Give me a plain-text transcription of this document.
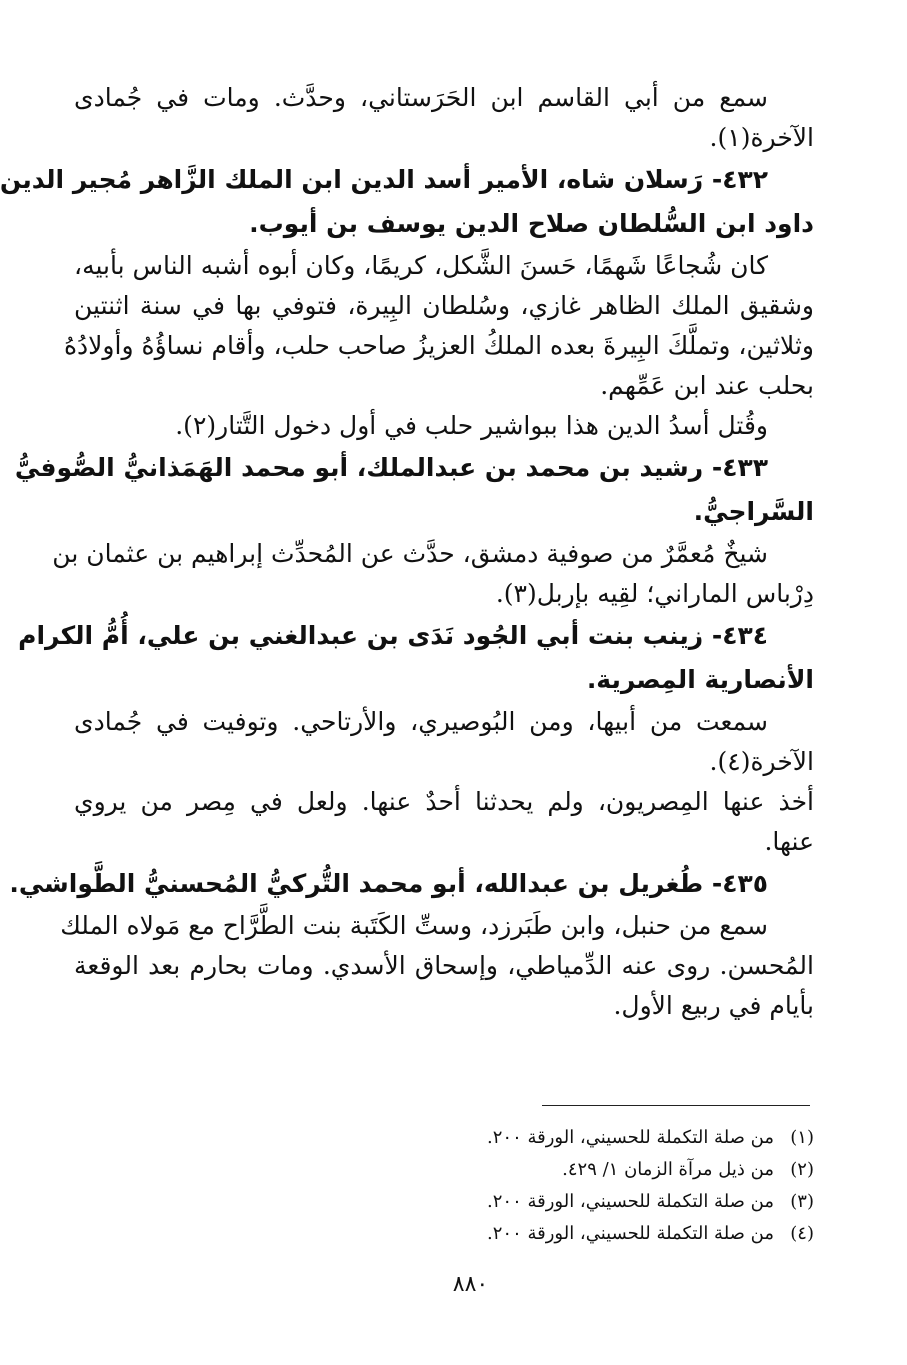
سمع من أبي القاسم ابن الحَرَستاني، وحدَّث. ومات في جُمادى
الآخرة(١).
٤٣٢- رَسلان شاه، الأمير أسد الدين ابن الملك الزَّاهر مُجير الدين
داود ابن السُّلطان صلاح الدين يوسف بن أيوب.
كان شُجاعًا شَهمًا، حَسنَ الشَّكل، كريمًا، وكان أبوه أشبه الناس بأبيه،
وشقيق الملك الظاهر غازي، وسُلطان البِيرة، فتوفي بها في سنة اثنتين
وثلاثين، وتملَّكَ البِيرةَ بعده الملكُ العزيزُ صاحب حلب، وأقام نساؤُهُ وأولادُهُ
بحلب عند ابن عَمِّهم.
وقُتل أسدُ الدين هذا ببواشير حلب في أول دخول التَّتار(٢).
٤٣٣- رشيد بن محمد بن عبدالملك، أبو محمد الهَمَذانيُّ الصُّوفيُّ
السَّراجيُّ.
شيخٌ مُعمَّرٌ من صوفية دمشق، حدَّث عن المُحدِّث إبراهيم بن عثمان بن
دِرْباس الماراني؛ لقِيه بإربل(٣).
٤٣٤- زينب بنت أبي الجُود نَدَى بن عبدالغني بن علي، أُمُّ الكرام
الأنصارية المِصرية.
سمعت من أبيها، ومن البُوصيري، والأرتاحي. وتوفيت في جُمادى
الآخرة(٤).
أخذ عنها المِصريون، ولم يحدثنا أحدٌ عنها. ولعل في مِصر من يروي
عنها.
٤٣٥- طُغريل بن عبدالله، أبو محمد التُّركيُّ المُحسنيُّ الطَّواشي.
سمع من حنبل، وابن طَبَرزد، وستِّ الكَتَبة بنت الطَّرَّاح مع مَولاه الملك
المُحسن. روى عنه الدِّمياطي، وإسحاق الأسدي. ومات بحارم بعد الوقعة
بأيام في ربيع الأول.
(١)من صلة التكملة للحسيني، الورقة ٢٠٠.
(٢)من ذيل مرآة الزمان ١/ ٤٢٩.
(٣)من صلة التكملة للحسيني، الورقة ٢٠٠.
(٤)من صلة التكملة للحسيني، الورقة ٢٠٠.
٨٨٠
